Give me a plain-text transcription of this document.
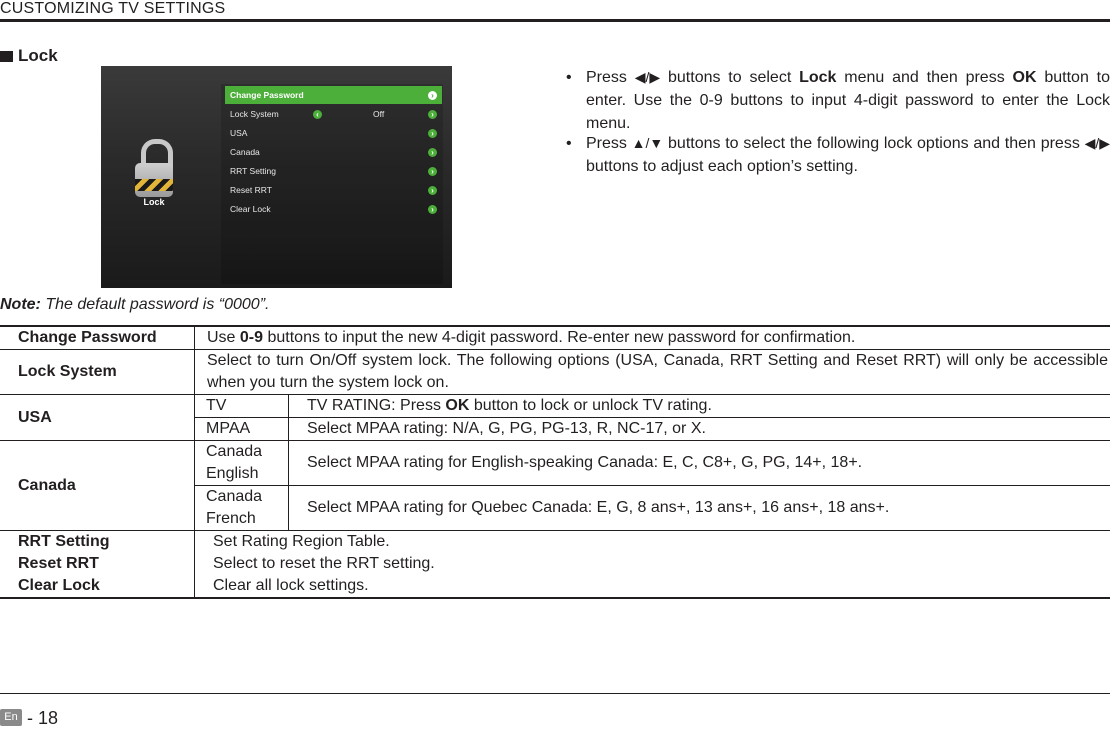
CUSTOMIZING TV SETTINGS
Lock
Lock
Change Password	›
Lock System	‹	Off	›
USA	›
Canada	›
RRT Setting	›
Reset RRT	›
Clear Lock	›
• Press ◀/▶ buttons to select Lock menu and then press OK button to enter. Use the 0-9 buttons to input 4-digit password to enter the Lock menu.
• Press ▲/▼ buttons to select the following lock options and then press ◀/▶ buttons to adjust each option’s setting.
Note: The default password is “0000”.
Change Password	Use 0-9 buttons to input the new 4-digit password. Re-enter new password for confirmation.	
Lock System	Select to turn On/Off system lock. The following options (USA, Canada, RRT Setting and Reset RRT) will only be accessible when you turn the system lock on.	
USA	TV	TV RATING: Press OK button to lock or unlock TV rating.
	MPAA	Select MPAA rating: N/A, G, PG, PG-13, R, NC-17, or X.
Canada	Canada English	Select MPAA rating for English-speaking Canada: E, C, C8+, G, PG, 14+, 18+.
	Canada French	Select MPAA rating for Quebec Canada: E, G, 8 ans+, 13 ans+, 16 ans+, 18 ans+.
RRT Setting	Set Rating Region Table.	
Reset RRT	Select to reset the RRT setting.	
Clear Lock	Clear all lock settings.	
En - 18
